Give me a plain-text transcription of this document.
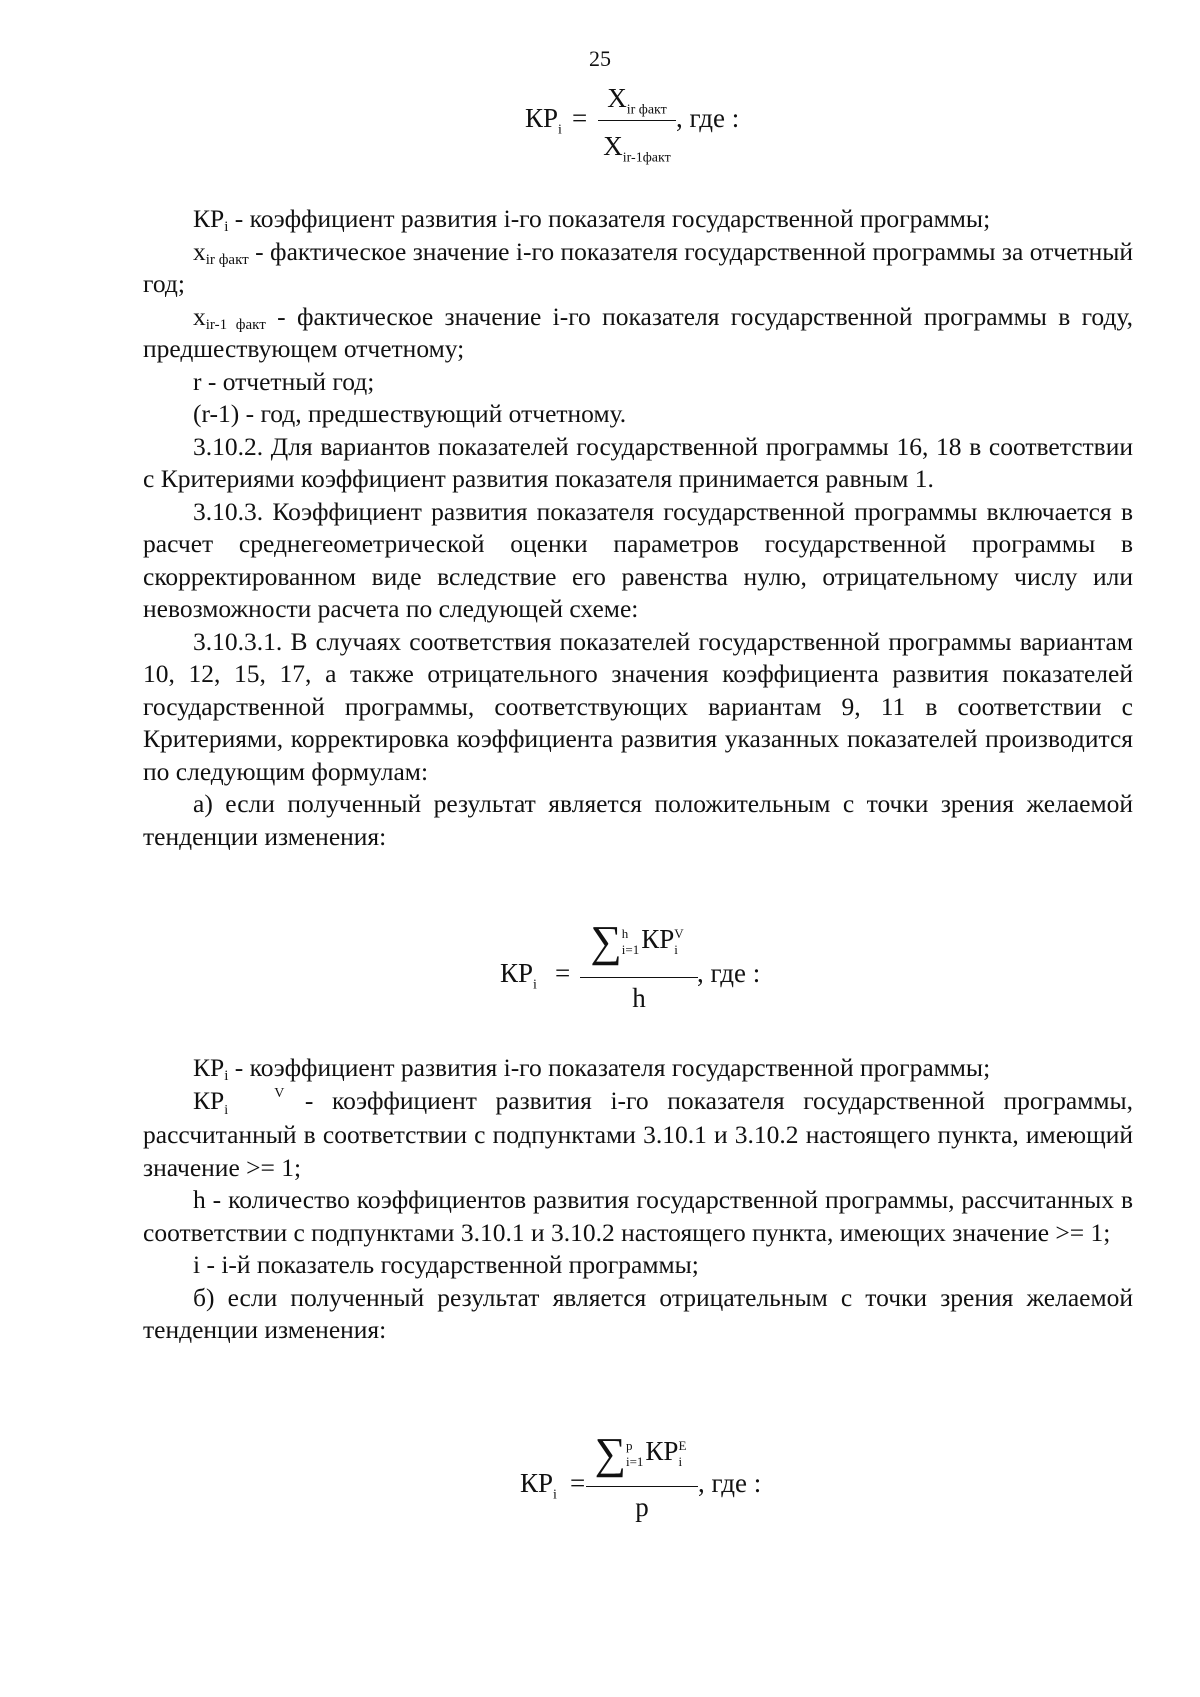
25
$КР_i$ =
$X_{ir факт}$
$X_{ir-1факт}$
, где :

КРi - коэффициент развития i-го показателя государственной программы;

xir факт - фактическое значение i-го показателя государственной программы за отчетный год;

xir-1 факт - фактическое значение i-го показателя государственной программы в году, предшествующем отчетному;

r - отчетный год;

(r-1) - год, предшествующий отчетному.

3.10.2. Для вариантов показателей государственной программы 16, 18 в соответствии с Критериями коэффициент развития показателя принимается равным 1.

3.10.3. Коэффициент развития показателя государственной программы включается в расчет среднегеометрической оценки параметров государственной программы в скорректированном виде вследствие его равенства нулю, отрицательному числу или невозможности расчета по следующей схеме:

3.10.3.1. В случаях соответствия показателей государственной программы вариантам 10, 12, 15, 17, а также отрицательного значения коэффициента развития показателей государственной программы, соответствующих вариантам 9, 11 в соответствии с Критериями, корректировка коэффициента развития указанных показателей производится по следующим формулам:

а) если полученный результат является положительным с точки зрения желаемой тенденции изменения:

$КР_i$ =
∑h
i=1КРV
i
h
, где :

КРi - коэффициент развития i-го показателя государственной программы;

КР	V
i - коэффициент развития i-го показателя государственной программы, рассчитанный в соответствии с подпунктами 3.10.1 и 3.10.2 настоящего пункта, имеющий значение >= 1;

h - количество коэффициентов развития государственной программы, рассчитанных в соответствии с подпунктами 3.10.1 и 3.10.2 настоящего пункта, имеющих значение >= 1;

i - i-й показатель государственной программы;

б) если полученный результат является отрицательным с точки зрения желаемой тенденции изменения:

$КР_i$ =
∑p
i=1КРE
i
p
, где :
